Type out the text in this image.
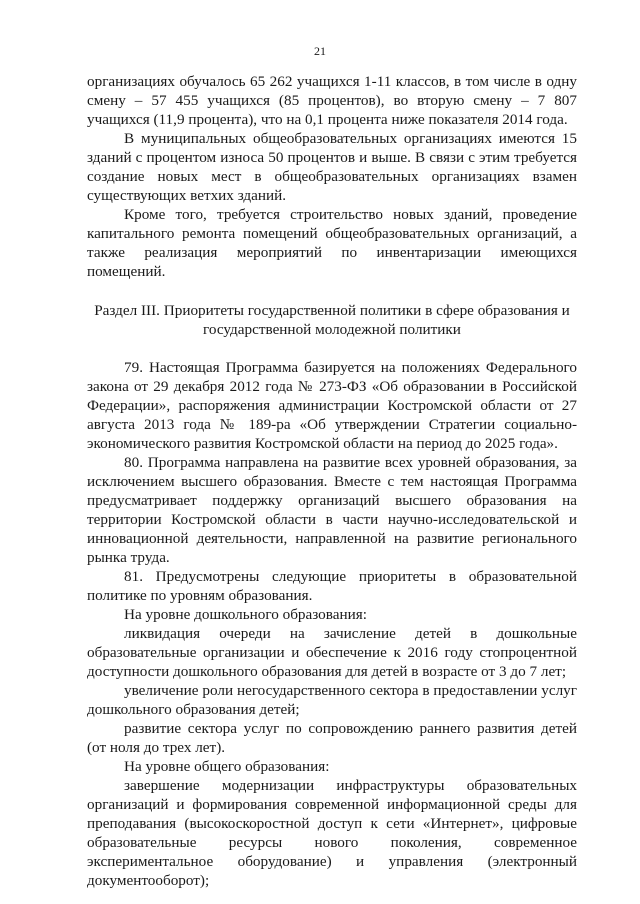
21

организациях обучалось 65 262 учащихся 1-11 классов, в том числе в одну смену – 57 455 учащихся (85 процентов), во вторую смену – 7 807 учащихся (11,9 процента), что на 0,1 процента ниже показателя 2014 года.

В муниципальных общеобразовательных организациях имеются 15 зданий с процентом износа 50 процентов и выше. В связи с этим требуется создание новых мест в общеобразовательных организациях взамен существующих ветхих зданий.

Кроме того, требуется строительство новых зданий, проведение капитального ремонта помещений общеобразовательных организаций, а также реализация мероприятий по инвентаризации имеющихся помещений.

Раздел III. Приоритеты государственной политики в сфере образования и
государственной молодежной политики

79. Настоящая Программа базируется на положениях Федерального закона от 29 декабря 2012 года № 273-ФЗ «Об образовании в Российской Федерации», распоряжения администрации Костромской области от 27 августа 2013 года № 189-ра «Об утверждении Стратегии социально-экономического развития Костромской области на период до 2025 года».

80. Программа направлена на развитие всех уровней образования, за исключением высшего образования. Вместе с тем настоящая Программа предусматривает поддержку организаций высшего образования на территории Костромской области в части научно-исследовательской и инновационной деятельности, направленной на развитие регионального рынка труда.

81. Предусмотрены следующие приоритеты в образовательной политике по уровням образования.

На уровне дошкольного образования:

ликвидация очереди на зачисление детей в дошкольные образовательные организации и обеспечение к 2016 году стопроцентной доступности дошкольного образования для детей в возрасте от 3 до 7 лет;

увеличение роли негосударственного сектора в предоставлении услуг дошкольного образования детей;

развитие сектора услуг по сопровождению раннего развития детей (от ноля до трех лет).

На уровне общего образования:

завершение модернизации инфраструктуры образовательных организаций и формирования современной информационной среды для преподавания (высокоскоростной доступ к сети «Интернет», цифровые образовательные ресурсы нового поколения, современное экспериментальное оборудование) и управления (электронный документооборот);
